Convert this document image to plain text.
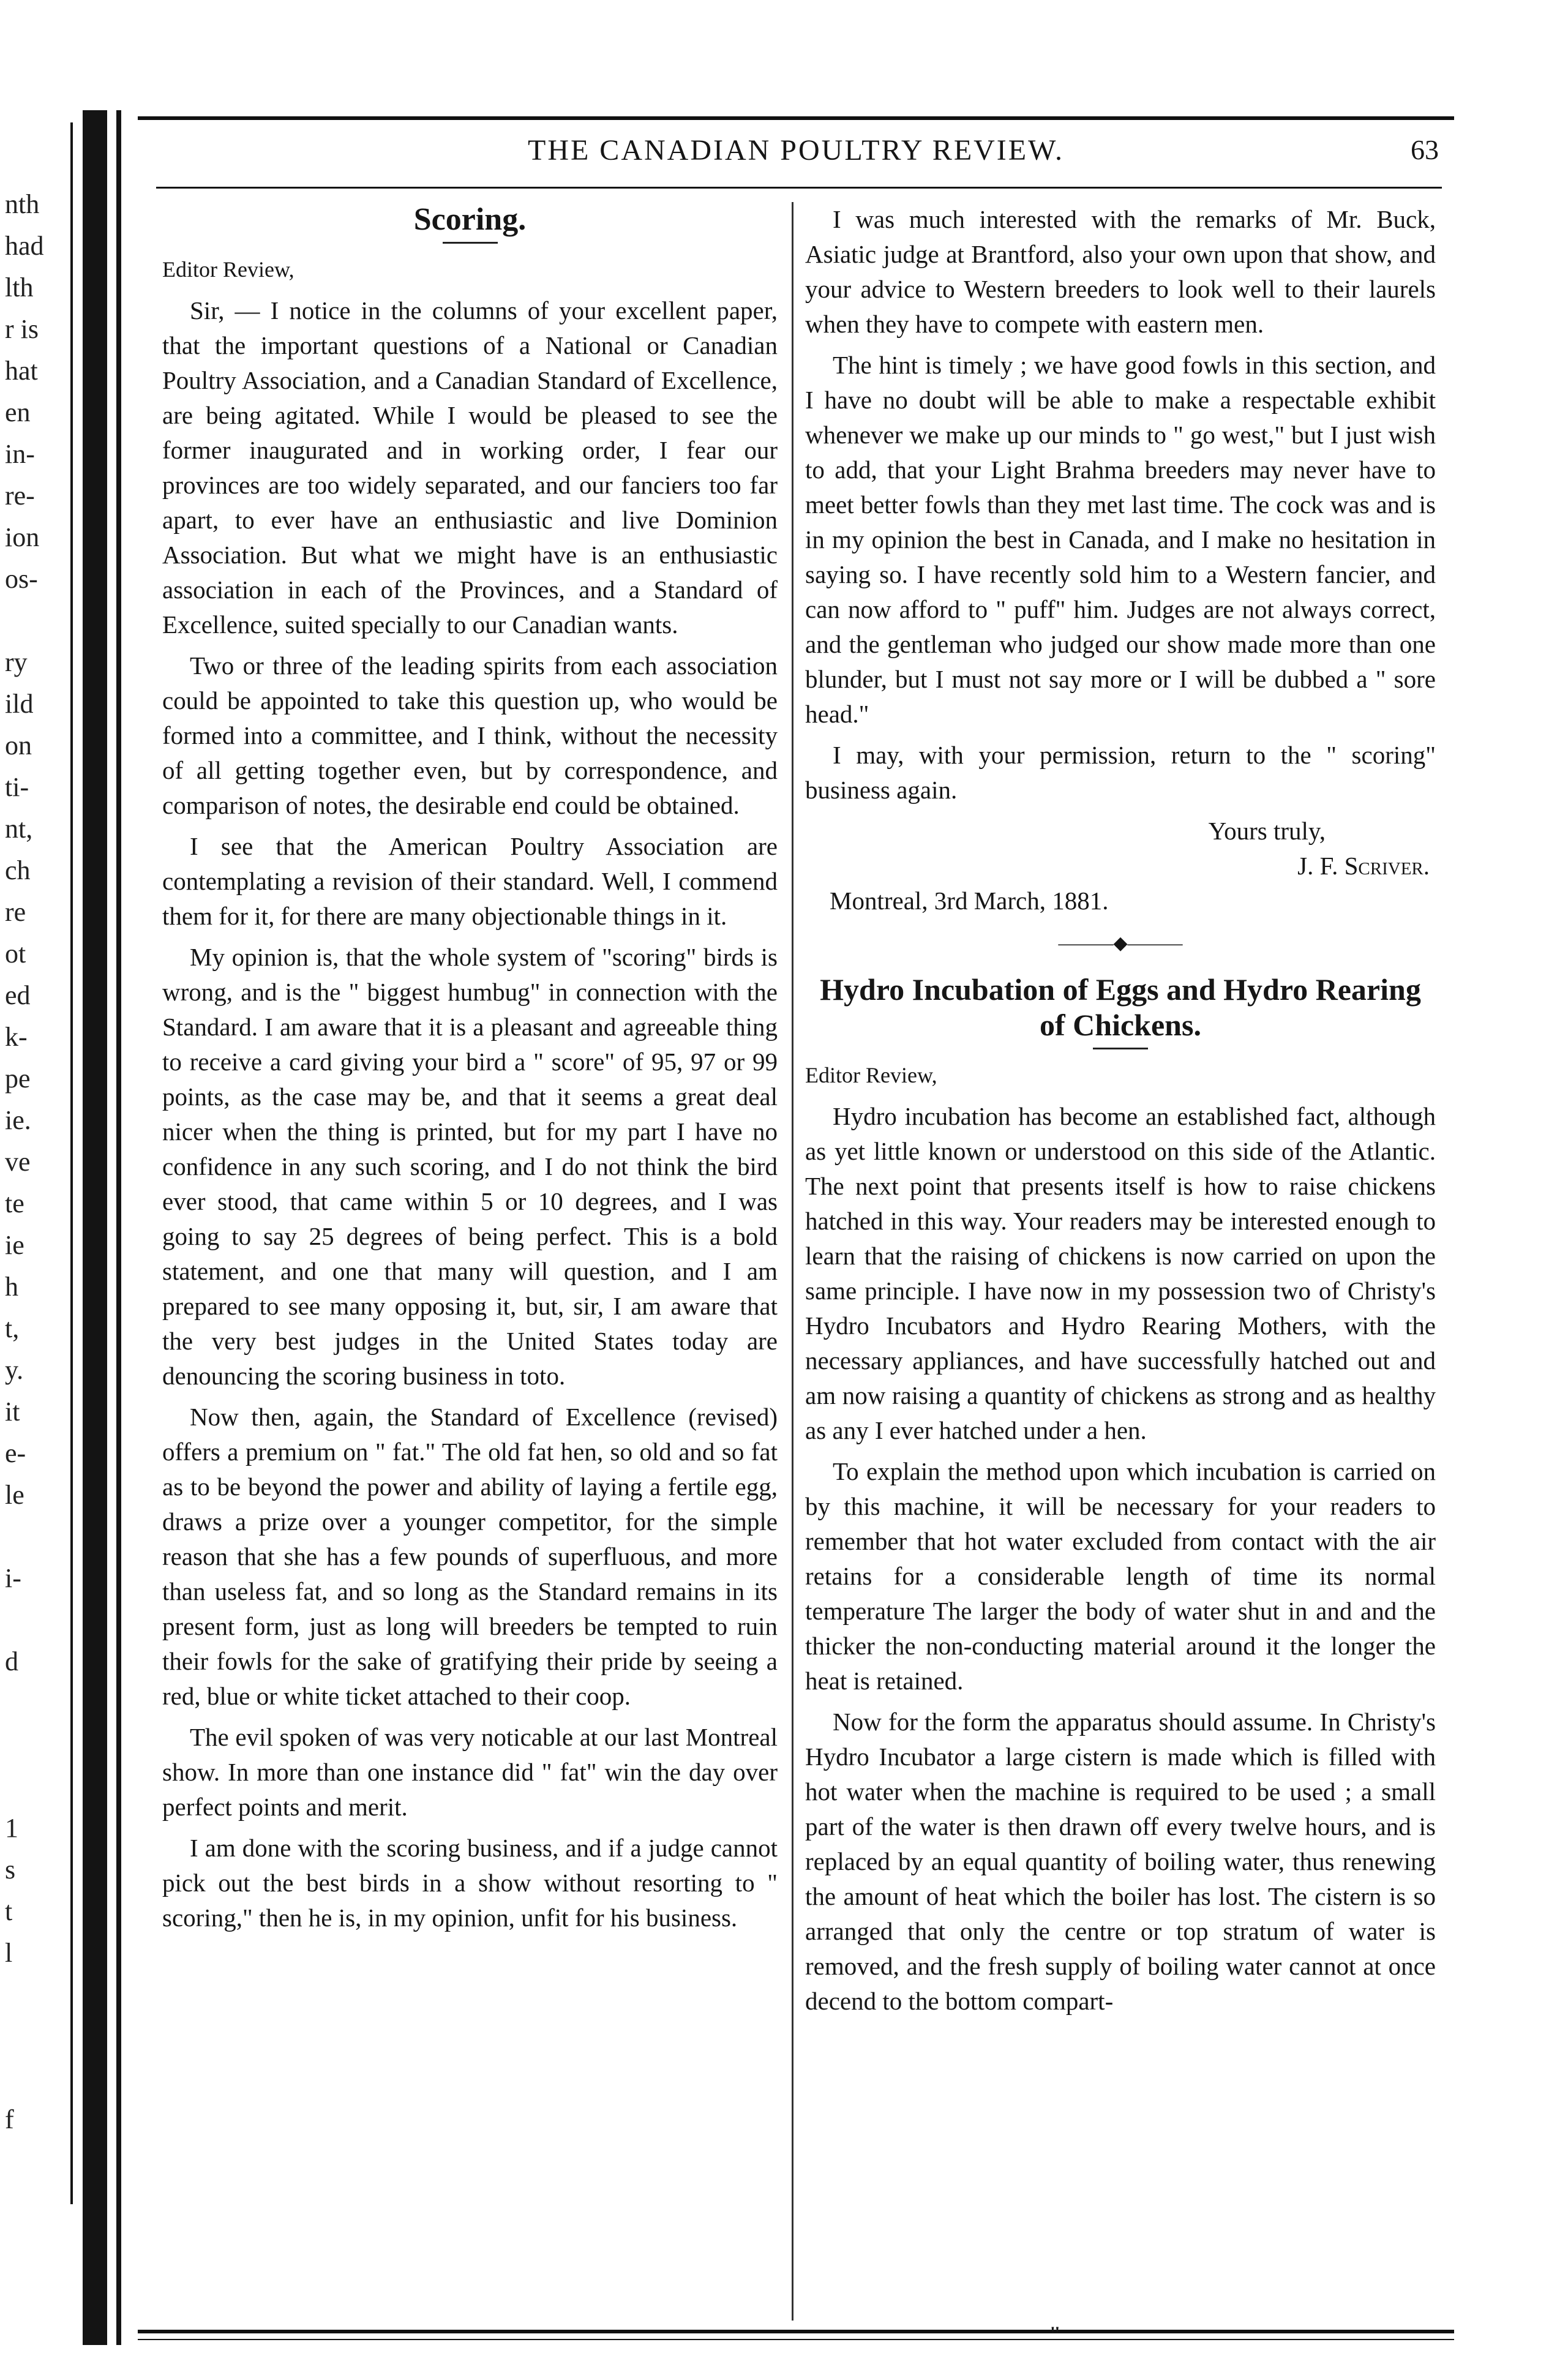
nth
had
lth
r is
hat
en
in-
re-
ion
os-
ry
ild
on
ti-
nt,
ch
re
ot
ed
k-
pe
ie.
ve
te
ie
h
t,
y.
it
e-
le
i-
d
1
s
t
l
f
THE CANADIAN POULTRY REVIEW.	63
Scoring.

Editor Review,

Sir, — I notice in the columns of your excellent paper, that the important questions of a National or Canadian Poultry Association, and a Canadian Standard of Excellence, are being agitated. While I would be pleased to see the former inaugurated and in working order, I fear our provinces are too widely separated, and our fanciers too far apart, to ever have an enthusiastic and live Dominion Association. But what we might have is an enthusiastic association in each of the Provinces, and a Standard of Excellence, suited specially to our Canadian wants.

Two or three of the leading spirits from each association could be appointed to take this question up, who would be formed into a committee, and I think, without the necessity of all getting together even, but by correspondence, and comparison of notes, the desirable end could be obtained.

I see that the American Poultry Association are contemplating a revision of their standard. Well, I commend them for it, for there are many objectionable things in it.

My opinion is, that the whole system of "scoring" birds is wrong, and is the " biggest humbug" in connection with the Standard. I am aware that it is a pleasant and agreeable thing to receive a card giving your bird a " score" of 95, 97 or 99 points, as the case may be, and that it seems a great deal nicer when the thing is printed, but for my part I have no confidence in any such scoring, and I do not think the bird ever stood, that came within 5 or 10 degrees, and I was going to say 25 degrees of being perfect. This is a bold statement, and one that many will question, and I am prepared to see many opposing it, but, sir, I am aware that the very best judges in the United States today are denouncing the scoring business in toto.

Now then, again, the Standard of Excellence (revised) offers a premium on " fat." The old fat hen, so old and so fat as to be beyond the power and ability of laying a fertile egg, draws a prize over a younger competitor, for the simple reason that she has a few pounds of superfluous, and more than useless fat, and so long as the Standard remains in its present form, just as long will breeders be tempted to ruin their fowls for the sake of gratifying their pride by seeing a red, blue or white ticket attached to their coop.

The evil spoken of was very noticable at our last Montreal show. In more than one instance did " fat" win the day over perfect points and merit.

I am done with the scoring business, and if a judge cannot pick out the best birds in a show without resorting to " scoring," then he is, in my opinion, unfit for his business.

I was much interested with the remarks of Mr. Buck, Asiatic judge at Brantford, also your own upon that show, and your advice to Western breeders to look well to their laurels when they have to compete with eastern men.

The hint is timely ; we have good fowls in this section, and I have no doubt will be able to make a respectable exhibit whenever we make up our minds to " go west," but I just wish to add, that your Light Brahma breeders may never have to meet better fowls than they met last time. The cock was and is in my opinion the best in Canada, and I make no hesitation in saying so. I have recently sold him to a Western fancier, and can now afford to " puff" him. Judges are not always correct, and the gentleman who judged our show made more than one blunder, but I must not say more or I will be dubbed a " sore head."

I may, with your permission, return to the " scoring" business again.

Yours truly,
J. F. Scriver.

Montreal, 3rd March, 1881.

———◆———
Hydro Incubation of Eggs and Hydro Rearing of Chickens.

Editor Review,

Hydro incubation has become an established fact, although as yet little known or understood on this side of the Atlantic. The next point that presents itself is how to raise chickens hatched in this way. Your readers may be interested enough to learn that the raising of chickens is now carried on upon the same principle. I have now in my possession two of Christy's Hydro Incubators and Hydro Rearing Mothers, with the necessary appliances, and have successfully hatched out and am now raising a quantity of chickens as strong and as healthy as any I ever hatched under a hen.

To explain the method upon which incubation is carried on by this machine, it will be necessary for your readers to remember that hot water excluded from contact with the air retains for a considerable length of time its normal temperature The larger the body of water shut in and and the thicker the non-conducting material around it the longer the heat is retained.

Now for the form the apparatus should assume. In Christy's Hydro Incubator a large cistern is made which is filled with hot water when the machine is required to be used ; a small part of the water is then drawn off every twelve hours, and is replaced by an equal quantity of boiling water, thus renewing the amount of heat which the boiler has lost. The cistern is so arranged that only the centre or top stratum of water is removed, and the fresh supply of boiling water cannot at once decend to the bottom compart-

"
